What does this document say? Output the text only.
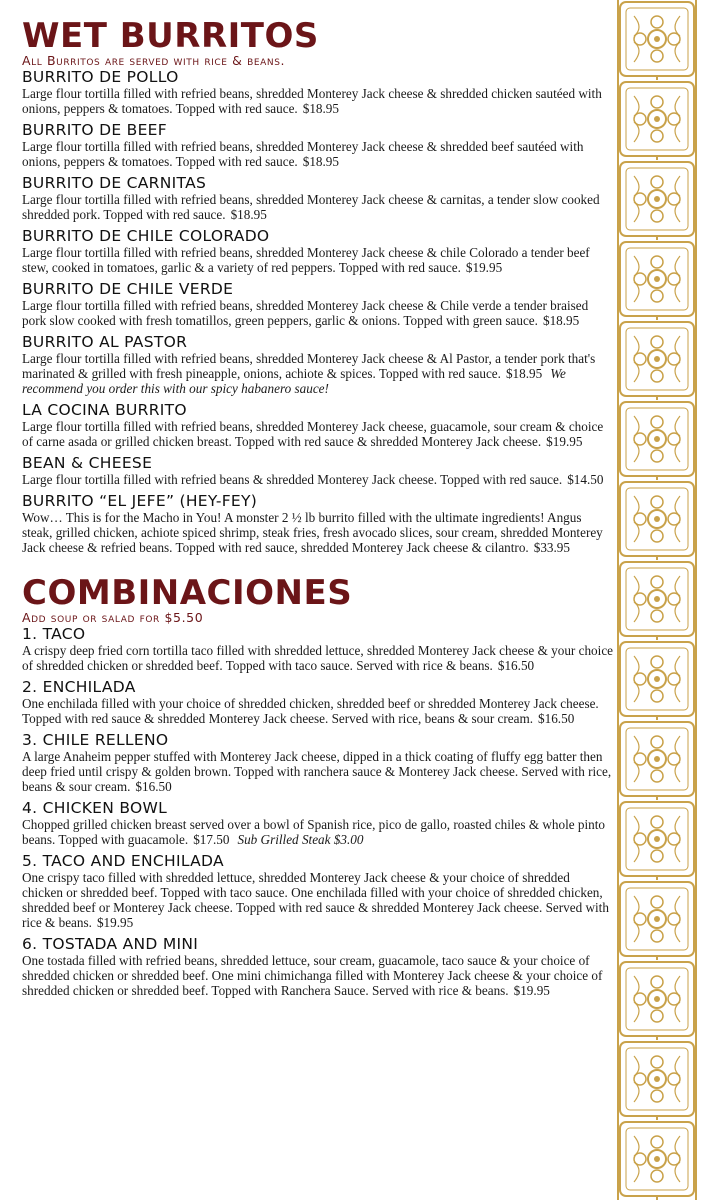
WET BURRITOS
All Burritos are served with rice & beans.
BURRITO DE POLLO
Large flour tortilla filled with refried beans, shredded Monterey Jack cheese & shredded chicken sautéed with onions, peppers & tomatoes. Topped with red sauce. $18.95
BURRITO DE BEEF
Large flour tortilla filled with refried beans, shredded Monterey Jack cheese & shredded beef sautéed with onions, peppers & tomatoes. Topped with red sauce. $18.95
BURRITO DE CARNITAS
Large flour tortilla filled with refried beans, shredded Monterey Jack cheese & carnitas, a tender slow cooked shredded pork. Topped with red sauce. $18.95
BURRITO DE CHILE COLORADO
Large flour tortilla filled with refried beans, shredded Monterey Jack cheese & chile Colorado a tender beef stew, cooked in tomatoes, garlic & a variety of red peppers. Topped with red sauce. $19.95
BURRITO DE CHILE VERDE
Large flour tortilla filled with refried beans, shredded Monterey Jack cheese & Chile verde a tender braised pork slow cooked with fresh tomatillos, green peppers, garlic & onions. Topped with green sauce. $18.95
BURRITO AL PASTOR
Large flour tortilla filled with refried beans, shredded Monterey Jack cheese & Al Pastor, a tender pork that's marinated & grilled with fresh pineapple, onions, achiote & spices. Topped with red sauce. $18.95 We recommend you order this with our spicy habanero sauce!
LA COCINA BURRITO
Large flour tortilla filled with refried beans, shredded Monterey Jack cheese, guacamole, sour cream & choice of carne asada or grilled chicken breast. Topped with red sauce & shredded Monterey Jack cheese. $19.95
BEAN & CHEESE
Large flour tortilla filled with refried beans & shredded Monterey Jack cheese. Topped with red sauce. $14.50
BURRITO “EL JEFE” (HEY-FEY)
Wow… This is for the Macho in You! A monster 2 ½ lb burrito filled with the ultimate ingredients! Angus steak, grilled chicken, achiote spiced shrimp, steak fries, fresh avocado slices, sour cream, shredded Monterey Jack cheese & refried beans. Topped with red sauce, shredded Monterey Jack cheese & cilantro. $33.95
COMBINACIONES
Add soup or salad for $5.50
1. TACO
A crispy deep fried corn tortilla taco filled with shredded lettuce, shredded Monterey Jack cheese & your choice of shredded chicken or shredded beef. Topped with taco sauce. Served with rice & beans. $16.50
2. ENCHILADA
One enchilada filled with your choice of shredded chicken, shredded beef or shredded Monterey Jack cheese. Topped with red sauce & shredded Monterey Jack cheese. Served with rice, beans & sour cream. $16.50
3. CHILE RELLENO
A large Anaheim pepper stuffed with Monterey Jack cheese, dipped in a thick coating of fluffy egg batter then deep fried until crispy & golden brown. Topped with ranchera sauce & Monterey Jack cheese. Served with rice, beans & sour cream. $16.50
4. CHICKEN BOWL
Chopped grilled chicken breast served over a bowl of Spanish rice, pico de gallo, roasted chiles & whole pinto beans. Topped with guacamole. $17.50 Sub Grilled Steak $3.00
5. TACO AND ENCHILADA
One crispy taco filled with shredded lettuce, shredded Monterey Jack cheese & your choice of shredded chicken or shredded beef. Topped with taco sauce. One enchilada filled with your choice of shredded chicken, shredded beef or Monterey Jack cheese. Topped with red sauce & shredded Monterey Jack cheese. Served with rice & beans. $19.95
6. TOSTADA AND MINI
One tostada filled with refried beans, shredded lettuce, sour cream, guacamole, taco sauce & your choice of shredded chicken or shredded beef. One mini chimichanga filled with Monterey Jack cheese & your choice of shredded chicken or shredded beef. Topped with Ranchera Sauce. Served with rice & beans. $19.95
